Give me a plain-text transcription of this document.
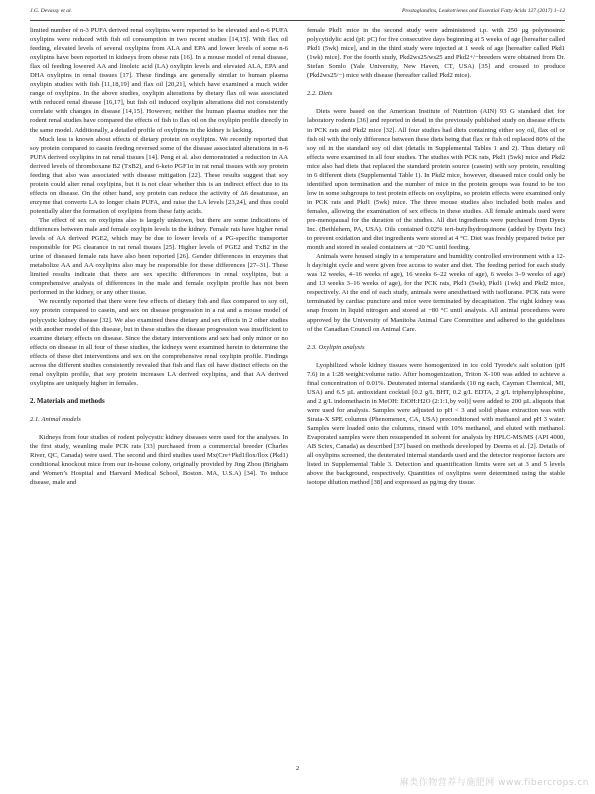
J.G. Devassy et al.	Prostaglandins, Leukotrienes and Essential Fatty Acids 127 (2017) 1–12

limited number of n-3 PUFA derived renal oxylipins were reported to be elevated and n-6 PUFA oxylipins were reduced with fish oil consumption in two recent studies [14,15]. With flax oil feeding, elevated levels of several oxylipins from ALA and EPA and lower levels of some n-6 oxylipins have been reported in kidneys from obese rats [16]. In a mouse model of renal disease, flax oil feeding lowered AA and linoleic acid (LA) oxylipin levels and elevated ALA, EPA and DHA oxylipins in renal tissues [17]. These findings are generally similar to human plasma oxylipin studies with fish [11,18,19] and flax oil [20,21], which have examined a much wider range of oxylipins. In the above studies, oxylipin alterations by dietary flax oil was associated with reduced renal disease [16,17], but fish oil induced oxylipin alterations did not consistently correlate with changes in disease [14,15]. However, neither the human plasma studies nor the rodent renal studies have compared the effects of fish to flax oil on the oxylipin profile directly in the same model. Additionally, a detailed profile of oxylipins in the kidney is lacking.

Much less is known about effects of dietary protein on oxylipins. We recently reported that soy protein compared to casein feeding reversed some of the disease associated alterations in n-6 PUFA derived oxylipins in rat renal tissues [14]. Peng et al. also demonstrated a reduction in AA derived levels of thromboxane B2 (TxB2), and 6-keto PGF1α in rat renal tissues with soy protein feeding that also was associated with disease mitigation [22]. These results suggest that soy protein could alter renal oxylipins, but it is not clear whether this is an indirect effect due to its effects on disease. On the other hand, soy protein can reduce the activity of Δ6 desaturase, an enzyme that converts LA to longer chain PUFA, and raise the LA levels [23,24], and thus could potentially alter the formation of oxylipins from these fatty acids.

The effect of sex on oxylipins also is largely unknown, but there are some indications of differences between male and female oxylipin levels in the kidney. Female rats have higher renal levels of AA derived PGE2, which may be due to lower levels of a PG-specific transporter responsible for PG clearance in rat renal tissues [25]. Higher levels of PGE2 and TxB2 in the urine of diseased female rats have also been reported [26]. Gender differences in enzymes that metabolize AA and AA oxylipins also may be responsible for these differences [27–31]. These limited results indicate that there are sex specific differences in renal oxylipins, but a comprehensive analysis of differences in the male and female oxylipin profile has not been performed in the kidney, or any other tissue.

We recently reported that there were few effects of dietary fish and flax compared to soy oil, soy protein compared to casein, and sex on disease progression in a rat and a mouse model of polycystic kidney disease [32]. We also examined these dietary and sex effects in 2 other studies with another model of this disease, but in these studies the disease progression was insufficient to examine dietary effects on disease. Since the dietary interventions and sex had only minor or no effects on disease in all four of these studies, the kidneys were examined herein to determine the effects of these diet interventions and sex on the comprehensive renal oxylipin profile. Findings across the different studies consistently revealed that fish and flax oil have distinct effects on the renal oxylipin profile, that soy protein increases LA derived oxylipins, and that AA derived oxylipins are uniquely higher in females.

2. Materials and methods
2.1. Animal models

Kidneys from four studies of rodent polycystic kidney diseases were used for the analyses. In the first study, weanling male PCK rats [33] purchased from a commercial breeder (Charles River, QC, Canada) were used. The second and third studies used Mx(Cre+Pkd1flox/flox (Pkd1) conditional knockout mice from our in-house colony, originally provided by Jing Zhou (Brigham and Women’s Hospital and Harvard Medical School, Boston. MA, U.S.A) [34]. To induce disease, male and

female Pkd1 mice in the second study were administered i.p. with 250 µg polyinosinic polycytidylic acid (pI: pC) for five consecutive days beginning at 5 weeks of age [hereafter called Pkd1 (5wk) mice], and in the third study were injected at 1 week of age [hereafter called Pkd1 (1wk) mice]. For the fourth study, Pkd2ws25/ws25 and Pkd2+/−breeders were obtained from Dr. Stefan Somlo (Yale University, New Haven, CT, USA) [35] and crossed to produce (Pkd2ws25/−) mice with disease (hereafter called Pkd2 mice).

2.2. Diets

Diets were based on the American Institute of Nutrition (AIN) 93 G standard diet for laboratory rodents [36] and reported in detail in the previously published study on disease effects in PCK rats and Pkd2 mice [32]. All four studies had diets containing either soy oil, flax oil or fish oil with the only difference between these diets being that flax or fish oil replaced 80% of the soy oil in the standard soy oil diet (details in Supplemental Tables 1 and 2). Thus dietary oil effects were examined in all four studies. The studies with PCK rats, Pkd1 (5wk) mice and Pkd2 mice also had diets that replaced the standard protein source (casein) with soy protein, resulting in 6 different diets (Supplemental Table 1). In Pkd2 mice, however, diseased mice could only be identified upon termination and the number of mice in the protein groups was found to be too low in some subgroups to test protein effects on oxylipins, so protein effects were examined only in PCK rats and Pkd1 (5wk) mice. The three mouse studies also included both males and females, allowing the examination of sex effects in these studies. All female animals used were pre-menopausal for the duration of the studies. All diet ingredients were purchased from Dyets Inc. (Bethlehem, PA, USA). Oils contained 0.02% tert-butylhydroquinone (added by Dyets Inc) to prevent oxidation and diet ingredients were stored at 4 °C. Diet was freshly prepared twice per month and stored in sealed containers at −20 °C until feeding.

Animals were housed singly in a temperature and humidity controlled environment with a 12-h day/night cycle and were given free access to water and diet. The feeding period for each study was 12 weeks, 4–16 weeks of age), 16 weeks 6–22 weeks of age), 6 weeks 3–9 weeks of age) and 13 weeks 3–16 weeks of age), for the PCK rats, Pkd1 (5wk), Pkd1 (1wk) and Pkd2 mice, respectively. At the end of each study, animals were anesthetised with isoflurane. PCK rats were terminated by cardiac puncture and mice were terminated by decapitation. The right kidney was snap frozen in liquid nitrogen and stored at −80 °C until analysis. All animal procedures were approved by the University of Manitoba Animal Care Committee and adhered to the guidelines of the Canadian Council on Animal Care.

2.3. Oxylipin analysis

Lyophilized whole kidney tissues were homogenized in ice cold Tyrode's salt solution (pH 7.6) in a 1:28 weight:volume ratio. After homogenization, Triton X-100 was added to achieve a final concentration of 0.01%. Deuterated internal standards (10 ng each, Cayman Chemical, MI, USA) and 6.5 µL antioxidant cocktail [0.2 g/L BHT, 0.2 g/L EDTA, 2 g/L triphenylphosphine, and 2 g/L indomethacin in MeOH: EtOH:H2O (2:1:1,by vol)] were added to 200 µL aliquots that were used for analysis. Samples were adjusted to pH < 3 and solid phase extraction was with Strata-X SPE columns (Phenomenex, CA, USA) preconditioned with methanol and pH 3 water. Samples were loaded onto the columns, rinsed with 10% methanol, and eluted with methanol. Evaporated samples were then resuspended in solvent for analysis by HPLC-MS/MS (API 4000, AB Sciex, Canada) as described [37] based on methods developed by Deems et al. [2]. Details of all oxylipins screened, the deuterated internal standards used and the detector response factors are listed in Supplemental Table 3. Detection and quantification limits were set at 3 and 5 levels above the background, respectively. Quantities of oxylipins were determined using the stable isotope dilution method [38] and expressed as pg/mg dry tissue.

2
麻类作物营养与施肥网 www.fibercrops.cn
